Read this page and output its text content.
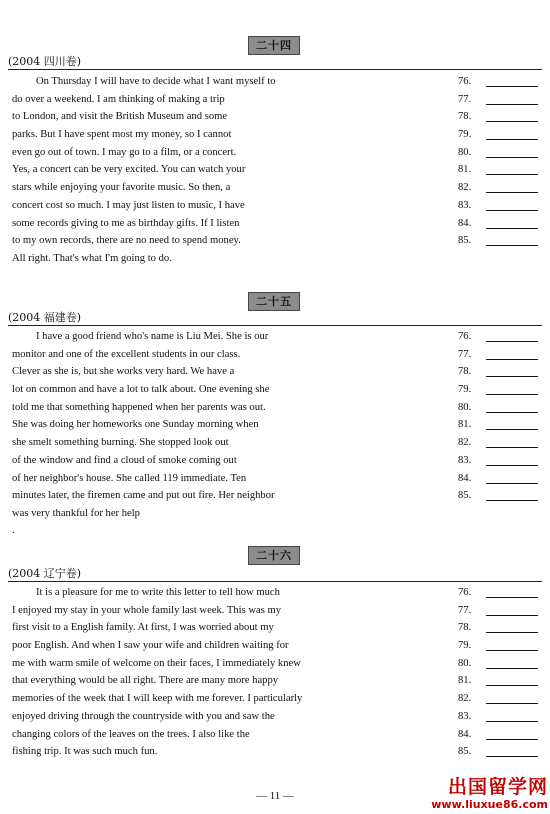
二十四
(2004 四川卷)
On Thursday I will have to decide what I want myself to
do over a weekend. I am thinking of making a trip
to London, and visit the British Museum and some
parks. But I have spent most my money, so I cannot
even go out of town. I may go to a film, or a concert.
Yes, a concert can be very excited. You can watch your
stars while enjoying your favorite music. So then, a
concert cost so much. I may just listen to music, I have
some records giving to me as birthday gifts. If I listen
to my own records, there are no need to spend money.
All right. That's what I'm going to do.
76.
77.
78.
79.
80.
81.
82.
83.
84.
85.
二十五
(2004 福建卷)
I have a good friend who's name is Liu Mei. She is our
monitor and one of the excellent students in our class.
Clever as she is, but she works very hard. We have a
lot on common and have a lot to talk about. One evening she
told me that something happened when her parents was out.
She was doing her homeworks one Sunday morning when
she smelt something burning. She stopped look out
of the window and find a cloud of smoke coming out
of her neighbor's house. She called 119 immediate. Ten
minutes later, the firemen came and put out fire. Her neighbor
was very thankful for her help
76.
77.
78.
79.
80.
81.
82.
83.
84.
85.
.
二十六
(2004 辽宁卷)
It is a pleasure for me to write this letter to tell how much
I enjoyed my stay in your whole family last week. This was my
first visit to a English family. At first, I was worried about my
poor English. And when I saw your wife and children waiting for
me with warm smile of welcome on their faces, I immediately knew
that everything would be all right. There are many more happy
memories of the week that I will keep with me forever. I particularly
enjoyed driving through the countryside with you and saw the
changing colors of the leaves on the trees. I also like the
fishing trip. It was such much fun.
76.
77.
78.
79.
80.
81.
82.
83.
84.
85.
— 11 —	出国留学网
www.liuxue86.com
